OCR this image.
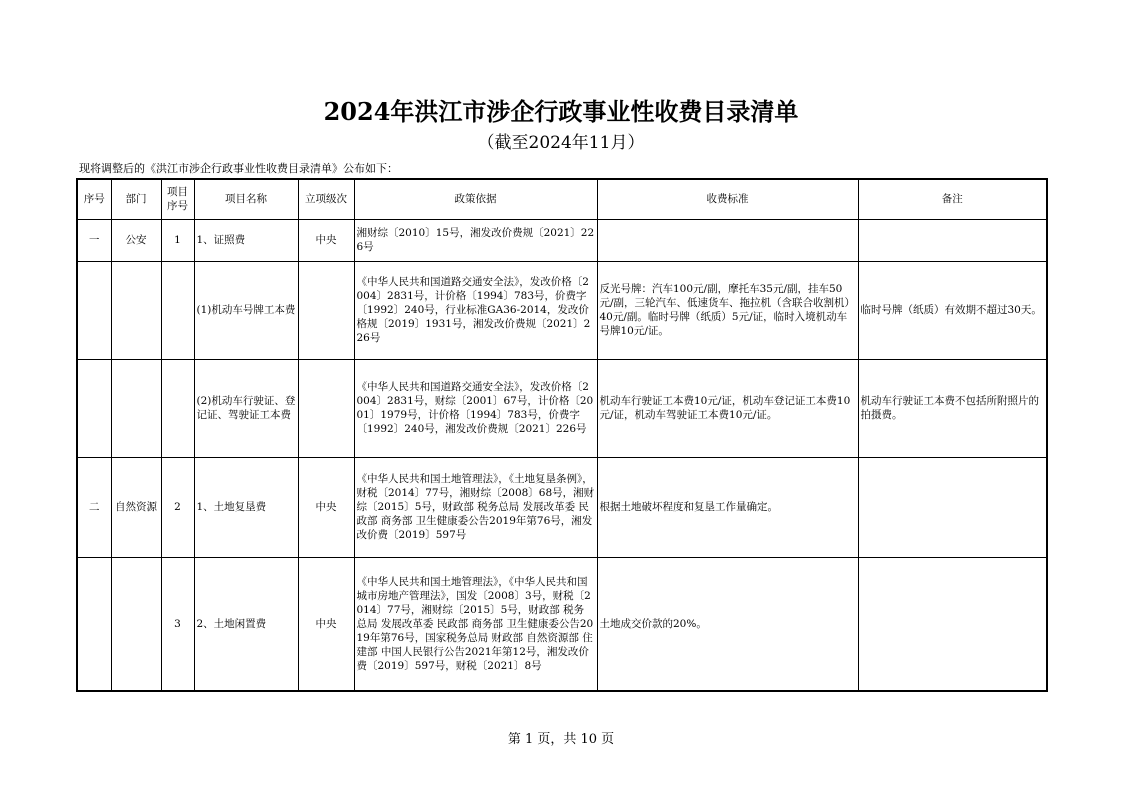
2024年洪江市涉企行政事业性收费目录清单
（截至2024年11月）
现将调整后的《洪江市涉企行政事业性收费目录清单》公布如下：
序号	部门	项目序号	项目名称	立项级次	政策依据	收费标准	备注
一	公安	1	1、证照费	中央	湘财综〔2010〕15号，湘发改价费规〔2021〕226号		
			(1)机动车号牌工本费		《中华人民共和国道路交通安全法》，发改价格〔2004〕2831号，计价格〔1994〕783号，价费字〔1992〕240号，行业标准GA36-2014，发改价格规〔2019〕1931号，湘发改价费规〔2021〕226号	反光号牌：汽车100元/副，摩托车35元/副，挂车50元/副，三轮汽车、低速货车、拖拉机（含联合收割机）40元/副。临时号牌（纸质）5元/证，临时入境机动车号牌10元/证。	临时号牌（纸质）有效期不超过30天。
			(2)机动车行驶证、登记证、驾驶证工本费		《中华人民共和国道路交通安全法》，发改价格〔2004〕2831号，财综〔2001〕67号，计价格〔2001〕1979号，计价格〔1994〕783号，价费字〔1992〕240号，湘发改价费规〔2021〕226号	机动车行驶证工本费10元/证，机动车登记证工本费10元/证，机动车驾驶证工本费10元/证。	机动车行驶证工本费不包括所附照片的拍摄费。
二	自然资源	2	1、土地复垦费	中央	《中华人民共和国土地管理法》，《土地复垦条例》，财税〔2014〕77号，湘财综〔2008〕68号，湘财综〔2015〕5号，财政部 税务总局 发展改革委 民政部 商务部 卫生健康委公告2019年第76号，湘发改价费〔2019〕597号	根据土地破坏程度和复垦工作量确定。	
		3	2、土地闲置费	中央	《中华人民共和国土地管理法》，《中华人民共和国城市房地产管理法》，国发〔2008〕3号，财税〔2014〕77号，湘财综〔2015〕5号，财政部 税务总局 发展改革委 民政部 商务部 卫生健康委公告2019年第76号，国家税务总局 财政部 自然资源部 住建部 中国人民银行公告2021年第12号，湘发改价费〔2019〕597号，财税〔2021〕8号	土地成交价款的20%。	
第 1 页，共 10 页
